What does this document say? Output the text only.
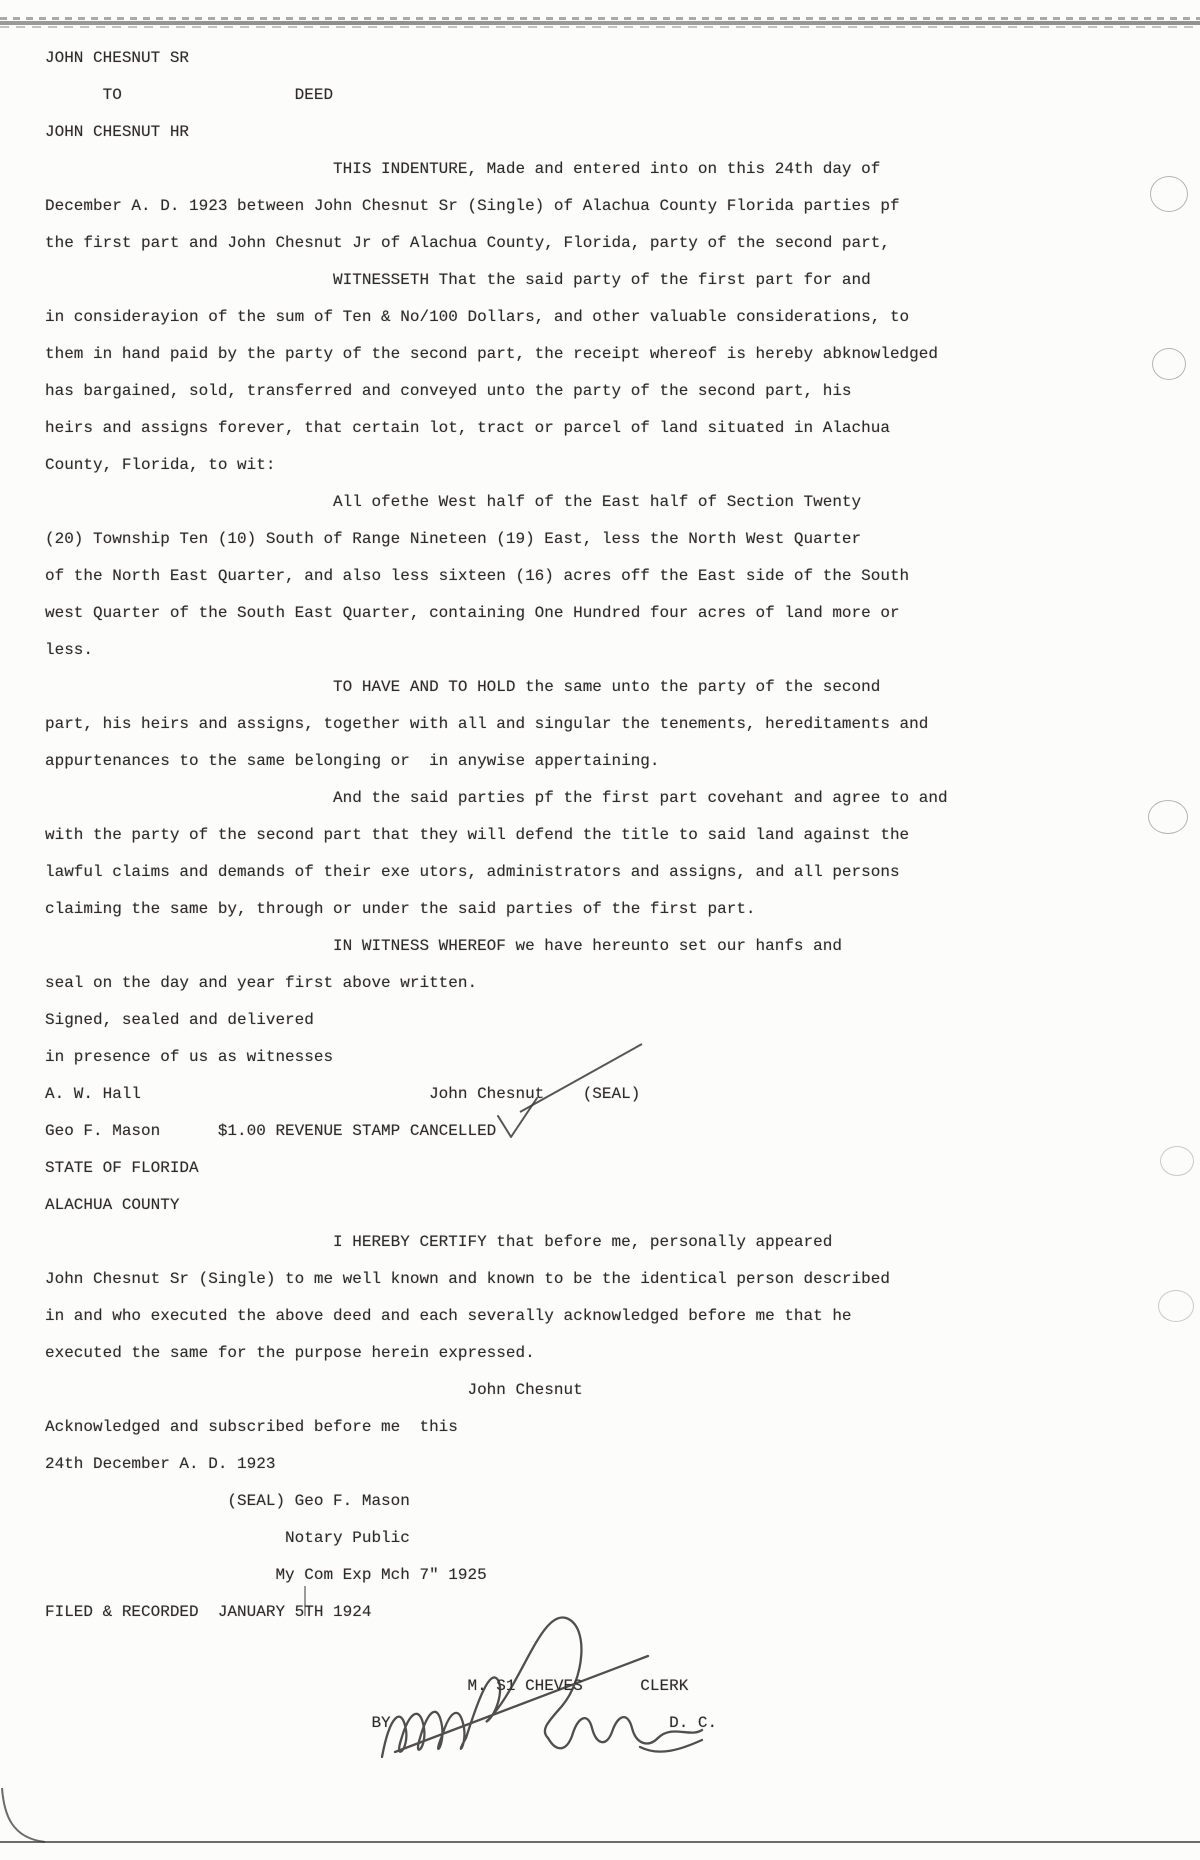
JOHN CHESNUT SR
TO                  DEED
JOHN CHESNUT HR
THIS INDENTURE, Made and entered into on this 24th day of
December A. D. 1923 between John Chesnut Sr (Single) of Alachua County Florida parties pf
the first part and John Chesnut Jr of Alachua County, Florida, party of the second part,
WITNESSETH That the said party of the first part for and
in considerayion of the sum of Ten & No/100 Dollars, and other valuable considerations, to
them in hand paid by the party of the second part, the receipt whereof is hereby abknowledged
has bargained, sold, transferred and conveyed unto the party of the second part, his
heirs and assigns forever, that certain lot, tract or parcel of land situated in Alachua
County, Florida, to wit:
All ofethe West half of the East half of Section Twenty
(20) Township Ten (10) South of Range Nineteen (19) East, less the North West Quarter
of the North East Quarter, and also less sixteen (16) acres off the East side of the South
west Quarter of the South East Quarter, containing One Hundred four acres of land more or
less.
TO HAVE AND TO HOLD the same unto the party of the second
part, his heirs and assigns, together with all and singular the tenements, hereditaments and
appurtenances to the same belonging or  in anywise appertaining.
And the said parties pf the first part covehant and agree to and
with the party of the second part that they will defend the title to said land against the
lawful claims and demands of their exe utors, administrators and assigns, and all persons
claiming the same by, through or under the said parties of the first part.
IN WITNESS WHEREOF we have hereunto set our hanfs and
seal on the day and year first above written.
Signed, sealed and delivered
in presence of us as witnesses
A. W. Hall                              John Chesnut    (SEAL)
Geo F. Mason      $1.00 REVENUE STAMP CANCELLED
STATE OF FLORIDA
ALACHUA COUNTY
I HEREBY CERTIFY that before me, personally appeared
John Chesnut Sr (Single) to me well known and known to be the identical person described
in and who executed the above deed and each severally acknowledged before me that he
executed the same for the purpose herein expressed.
John Chesnut
Acknowledged and subscribed before me  this
24th December A. D. 1923
(SEAL) Geo F. Mason
Notary Public
My Com Exp Mch 7" 1925
FILED & RECORDED  JANUARY 5TH 1924
M. S1 CHEVES      CLERK
BY                             D. C.
